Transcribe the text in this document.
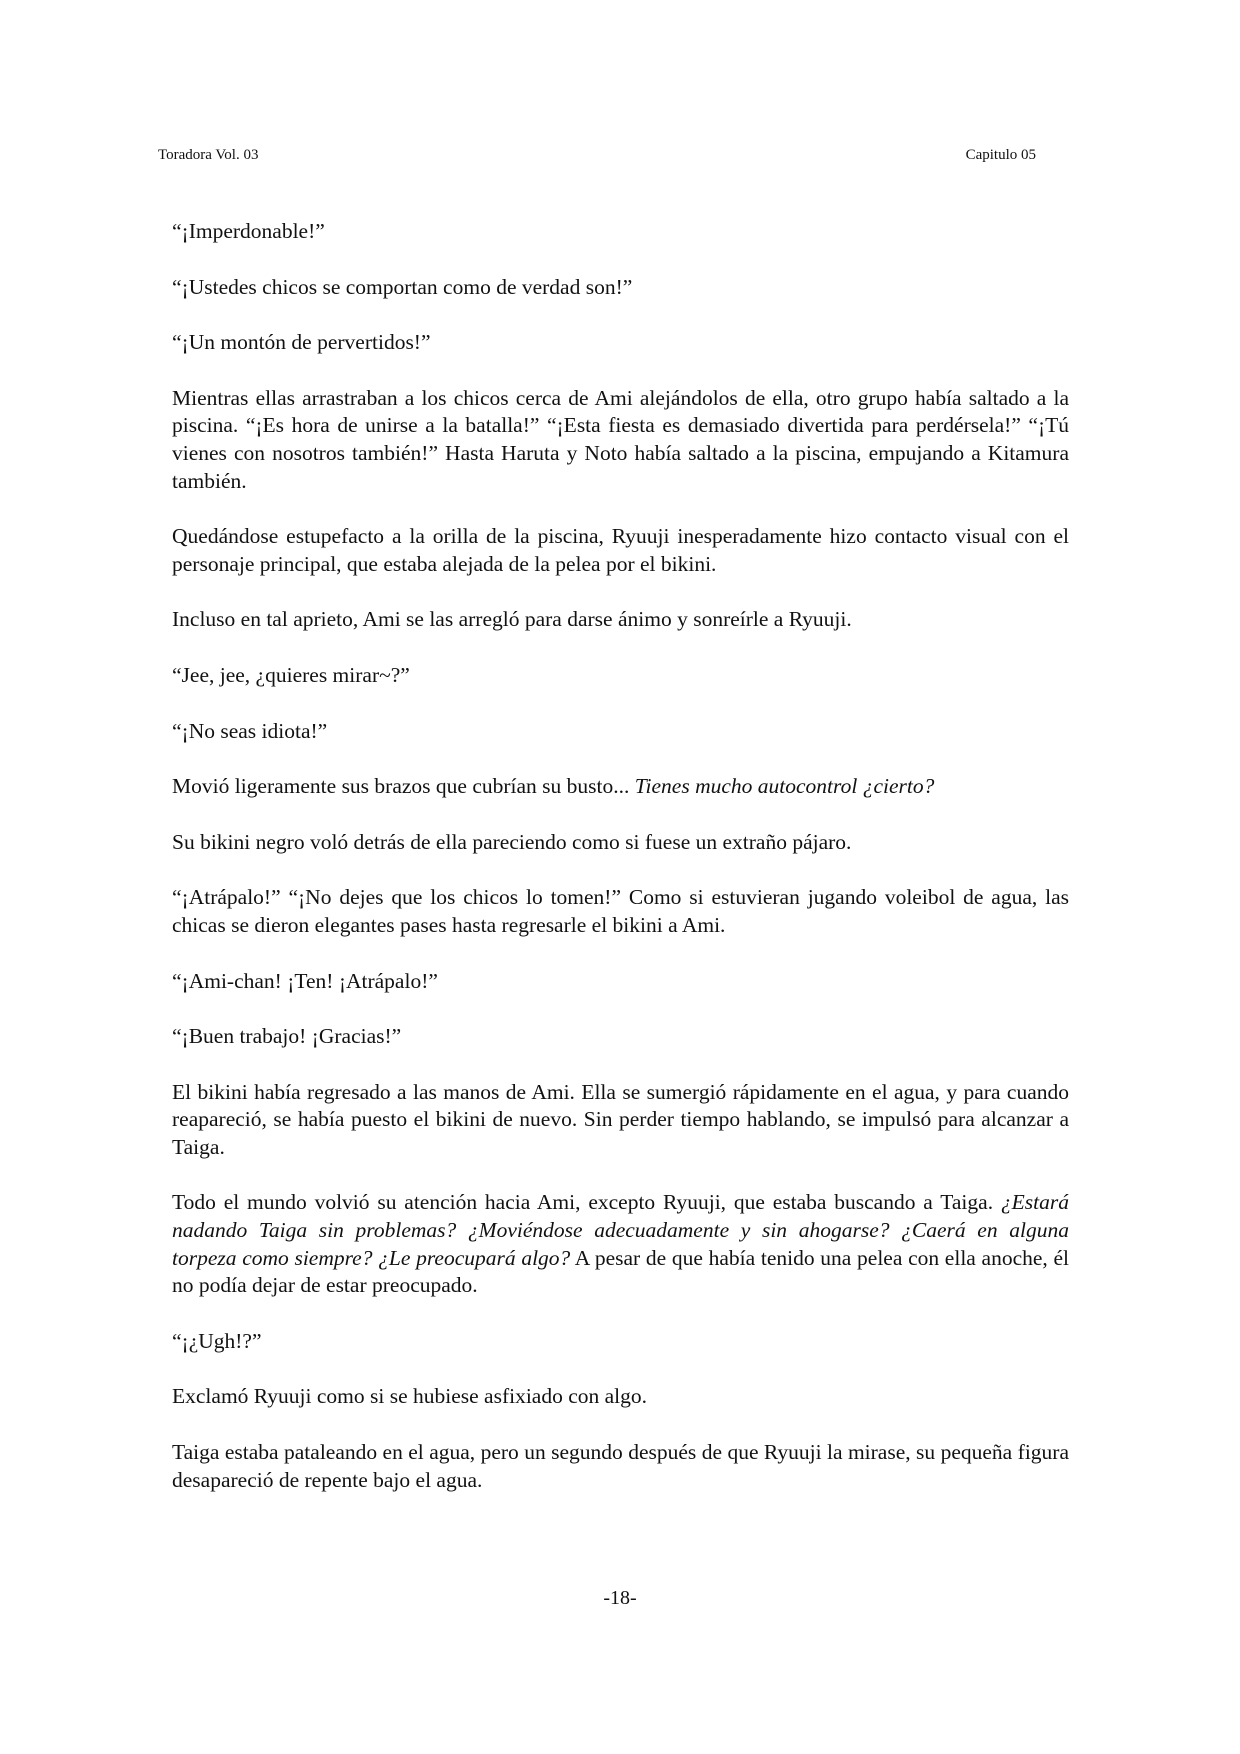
Toradora Vol. 03	Capitulo 05

“¡Imperdonable!”

“¡Ustedes chicos se comportan como de verdad son!”

“¡Un montón de pervertidos!”

Mientras ellas arrastraban a los chicos cerca de Ami alejándolos de ella, otro grupo había saltado a la piscina. “¡Es hora de unirse a la batalla!” “¡Esta fiesta es demasiado divertida para perdérsela!” “¡Tú vienes con nosotros también!” Hasta Haruta y Noto había saltado a la piscina, empujando a Kitamura también.

Quedándose estupefacto a la orilla de la piscina, Ryuuji inesperadamente hizo contacto visual con el personaje principal, que estaba alejada de la pelea por el bikini.

Incluso en tal aprieto, Ami se las arregló para darse ánimo y sonreírle a Ryuuji.

“Jee, jee, ¿quieres mirar~?”

“¡No seas idiota!”

Movió ligeramente sus brazos que cubrían su busto... Tienes mucho autocontrol ¿cierto?

Su bikini negro voló detrás de ella pareciendo como si fuese un extraño pájaro.

“¡Atrápalo!” “¡No dejes que los chicos lo tomen!” Como si estuvieran jugando voleibol de agua, las chicas se dieron elegantes pases hasta regresarle el bikini a Ami.

“¡Ami-chan! ¡Ten! ¡Atrápalo!”

“¡Buen trabajo! ¡Gracias!”

El bikini había regresado a las manos de Ami. Ella se sumergió rápidamente en el agua, y para cuando reapareció, se había puesto el bikini de nuevo. Sin perder tiempo hablando, se impulsó para alcanzar a Taiga.

Todo el mundo volvió su atención hacia Ami, excepto Ryuuji, que estaba buscando a Taiga. ¿Estará nadando Taiga sin problemas? ¿Moviéndose adecuadamente y sin ahogarse? ¿Caerá en alguna torpeza como siempre? ¿Le preocupará algo? A pesar de que había tenido una pelea con ella anoche, él no podía dejar de estar preocupado.

“¡¿Ugh!?”

Exclamó Ryuuji como si se hubiese asfixiado con algo.

Taiga estaba pataleando en el agua, pero un segundo después de que Ryuuji la mirase, su pequeña figura desapareció de repente bajo el agua.

-18-
